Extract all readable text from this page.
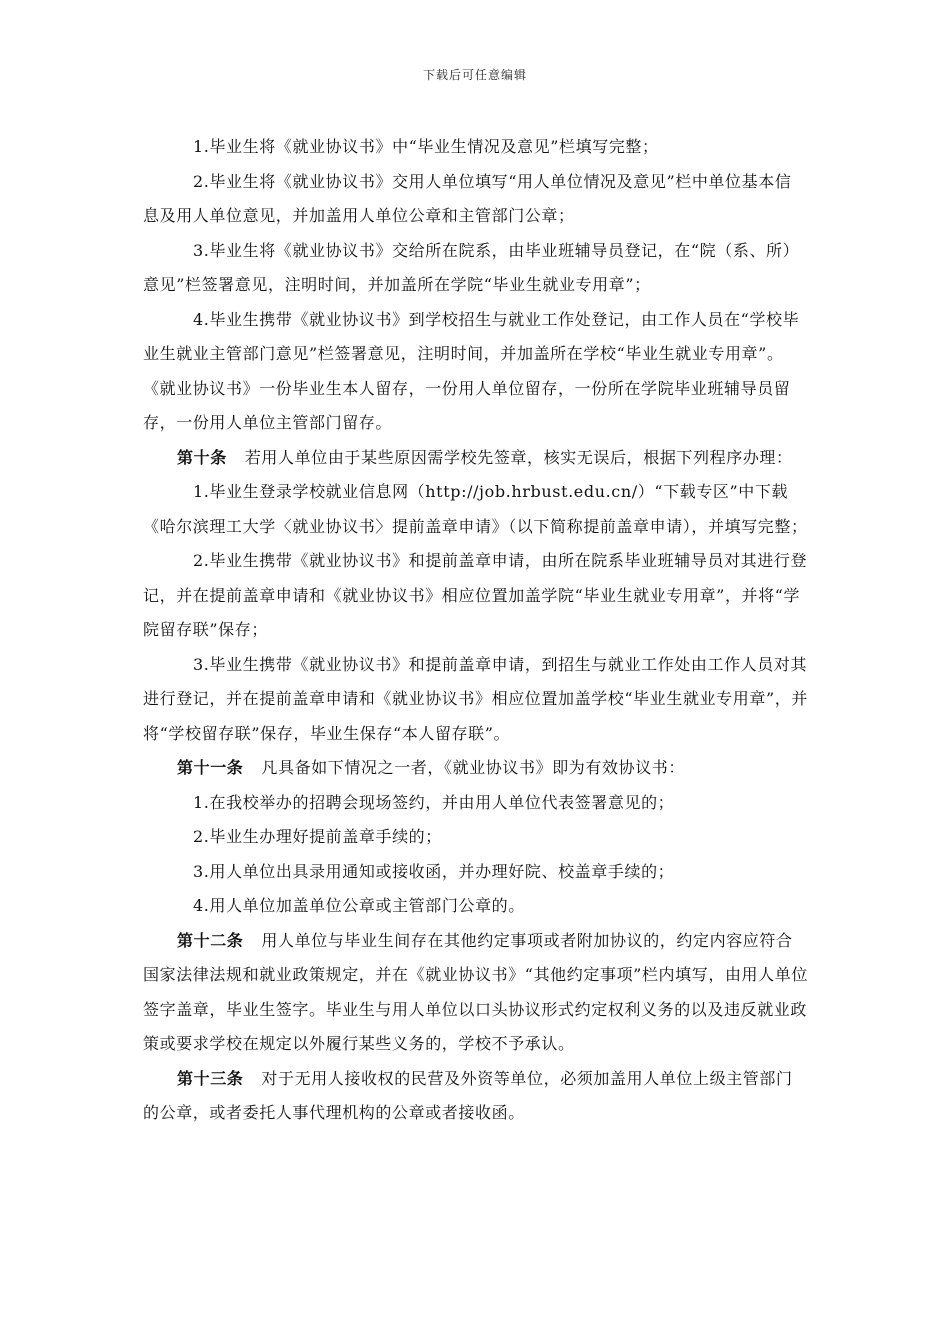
下载后可任意编辑

1.毕业生将《就业协议书》中“毕业生情况及意见”栏填写完整；

2.毕业生将《就业协议书》交用人单位填写“用人单位情况及意见”栏中单位基本信息及用人单位意见，并加盖用人单位公章和主管部门公章；

3.毕业生将《就业协议书》交给所在院系，由毕业班辅导员登记，在“院（系、所）意见”栏签署意见，注明时间，并加盖所在学院“毕业生就业专用章”；

4.毕业生携带《就业协议书》到学校招生与就业工作处登记，由工作人员在“学校毕业生就业主管部门意见”栏签署意见，注明时间，并加盖所在学校“毕业生就业专用章”。《就业协议书》一份毕业生本人留存，一份用人单位留存，一份所在学院毕业班辅导员留存，一份用人单位主管部门留存。

第十条 若用人单位由于某些原因需学校先签章，核实无误后，根据下列程序办理：

1.毕业生登录学校就业信息网（http://job.hrbust.edu.cn/）“下载专区”中下载《哈尔滨理工大学〈就业协议书〉提前盖章申请》（以下简称提前盖章申请），并填写完整；

2.毕业生携带《就业协议书》和提前盖章申请，由所在院系毕业班辅导员对其进行登记，并在提前盖章申请和《就业协议书》相应位置加盖学院“毕业生就业专用章”，并将“学院留存联”保存；

3.毕业生携带《就业协议书》和提前盖章申请，到招生与就业工作处由工作人员对其进行登记，并在提前盖章申请和《就业协议书》相应位置加盖学校“毕业生就业专用章”，并将“学校留存联”保存，毕业生保存“本人留存联”。

第十一条 凡具备如下情况之一者，《就业协议书》即为有效协议书：

1.在我校举办的招聘会现场签约，并由用人单位代表签署意见的；

2.毕业生办理好提前盖章手续的；

3.用人单位出具录用通知或接收函，并办理好院、校盖章手续的；

4.用人单位加盖单位公章或主管部门公章的。

第十二条 用人单位与毕业生间存在其他约定事项或者附加协议的，约定内容应符合国家法律法规和就业政策规定，并在《就业协议书》“其他约定事项”栏内填写，由用人单位签字盖章，毕业生签字。毕业生与用人单位以口头协议形式约定权利义务的以及违反就业政策或要求学校在规定以外履行某些义务的，学校不予承认。

第十三条 对于无用人接收权的民营及外资等单位，必须加盖用人单位上级主管部门的公章，或者委托人事代理机构的公章或者接收函。
